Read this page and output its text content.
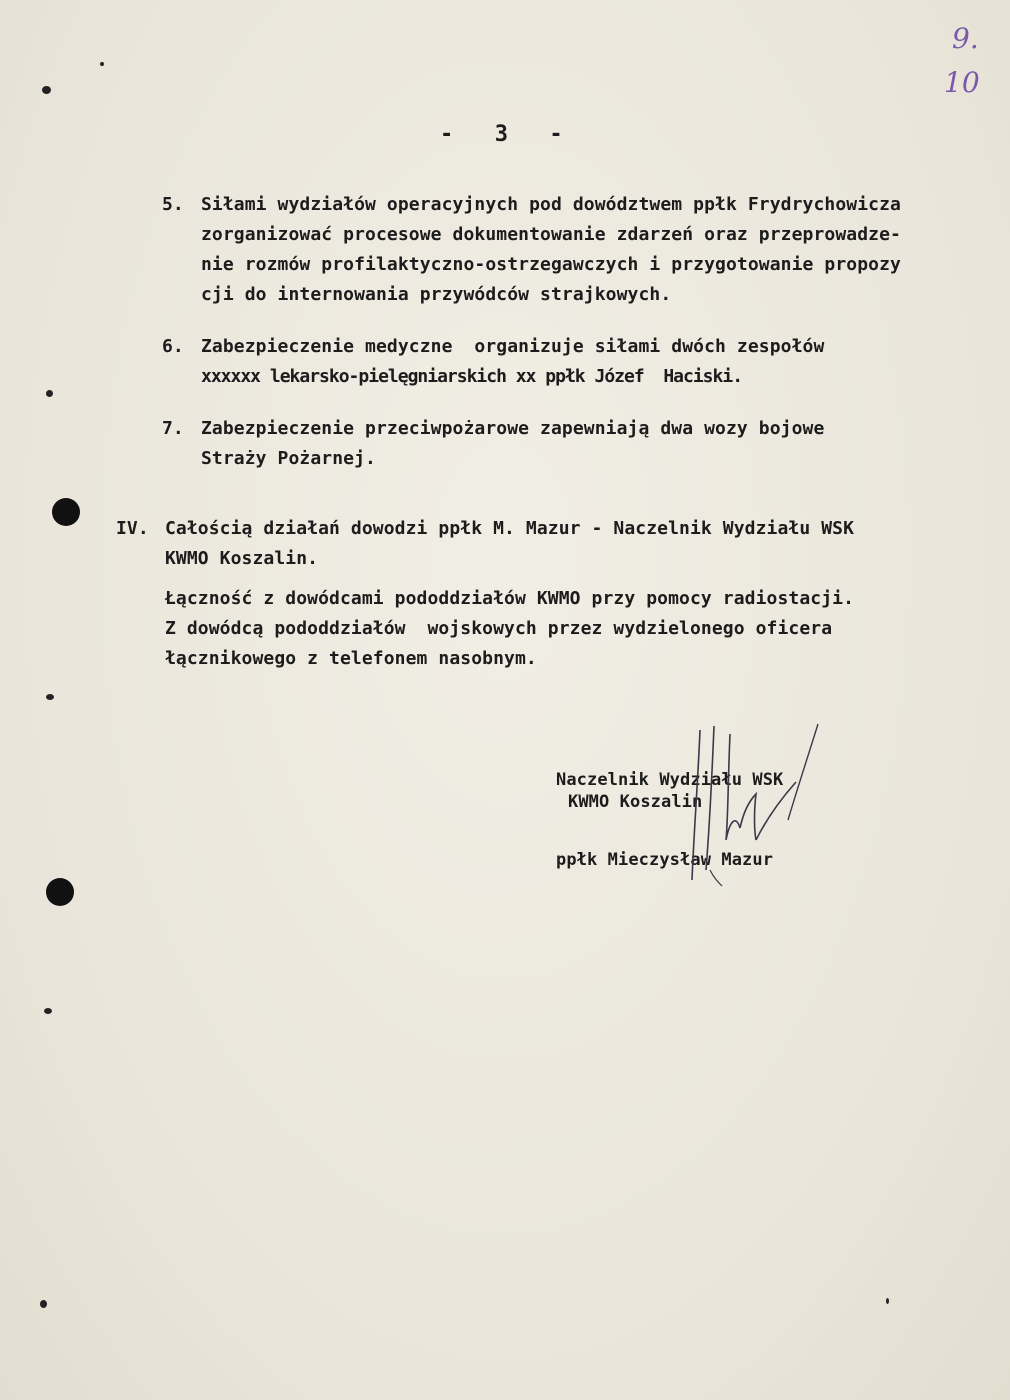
9.
10
- 3 -
5.

Siłami wydziałów operacyjnych pod dowództwem ppłk Frydrychowicza

zorganizować procesowe dokumentowanie zdarzeń oraz przeprowadze-

nie rozmów profilaktyczno-ostrzegawczych i przygotowanie propozy

cji do internowania przywódców strajkowych.

6.

Zabezpieczenie medyczne  organizuje siłami dwóch zespołów

xxxxxx lekarsko-pielęgniarskich xx ppłk Józef  Haciski.

7.

Zabezpieczenie przeciwpożarowe zapewniają dwa wozy bojowe

Straży Pożarnej.

IV.

Całością działań dowodzi ppłk M. Mazur - Naczelnik Wydziału WSK

KWMO Koszalin.

Łączność z dowódcami pododdziałów KWMO przy pomocy radiostacji.

Z dowódcą pododdziałów  wojskowych przez wydzielonego oficera

łącznikowego z telefonem nasobnym.

Naczelnik Wydziału WSK
KWMO Koszalin
ppłk Mieczysław Mazur
